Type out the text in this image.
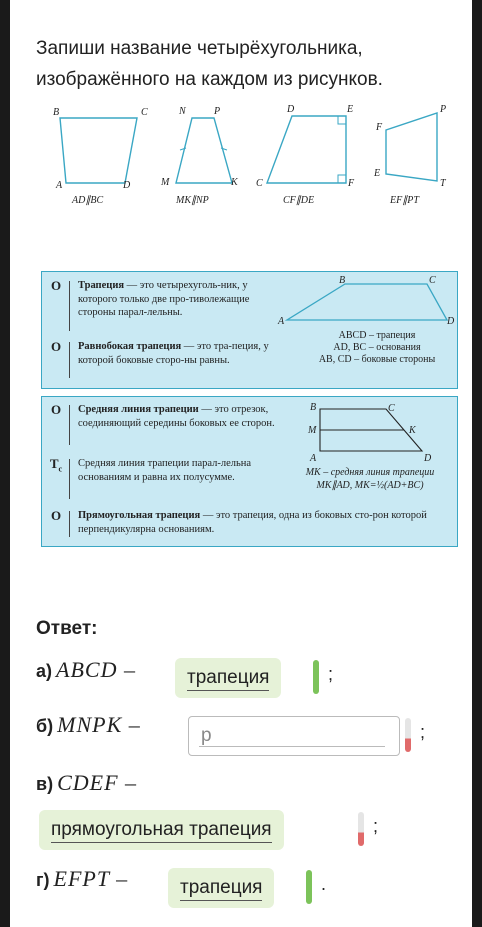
Запиши название четырёхугольника, изображённого на каждом из рисунков.
B	C
A	D
AD∥BC
N	P
M	K
MK∥NP
D	E
C	F
CF∥DE
P
F
E
T
EF∥PT
О Трапеция — это четырехуголь-ник, у которого только две про-тиволежащие стороны парал-лельны.
О Равнобокая трапеция — это тра-пеция, у которой боковые сторо-ны равны.
B	C
A	D
ABCD – трапеция
AD, BC – основания
AB, CD – боковые стороны
О Средняя линия трапеции — это отрезок, соединяющий середины боковых ее сторон.
$Т_с$
Средняя линия трапеции парал-лельна основаниям и равна их полусумме.
О Прямоугольная трапеция — это трапеция, одна из боковых сто-рон которой перпендикулярна основаниям.
B	C
M	K
A	D
MK – средняя линия трапеции
MK∥AD, MK=½(AD+BC)
Ответ:
а) ABCD –	трапеция	;
б) MNPK –	р	;
в) CDEF –
прямоугольная трапеция	;
г) EFPT –	трапеция	.
